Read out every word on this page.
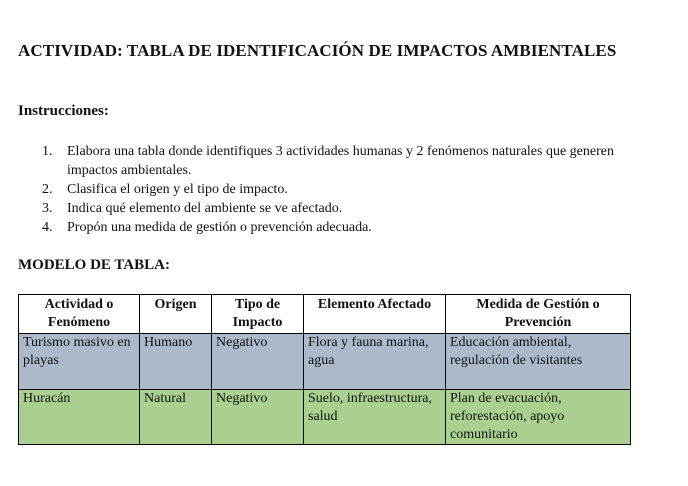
ACTIVIDAD: TABLA DE IDENTIFICACIÓN DE IMPACTOS AMBIENTALES
Instrucciones:
1.	Elabora una tabla donde identifiques 3 actividades humanas y 2 fenómenos naturales que generen impactos ambientales.
2.	Clasifica el origen y el tipo de impacto.
3.	Indica qué elemento del ambiente se ve afectado.
4.	Propón una medida de gestión o prevención adecuada.
MODELO DE TABLA:
Actividad o Fenómeno	Origen	Tipo de Impacto	Elemento Afectado	Medida de Gestión o Prevención
Turismo masivo en playas	Humano	Negativo	Flora y fauna marina, agua	Educación ambiental, regulación de visitantes
Huracán	Natural	Negativo	Suelo, infraestructura, salud	Plan de evacuación, reforestación, apoyo comunitario
